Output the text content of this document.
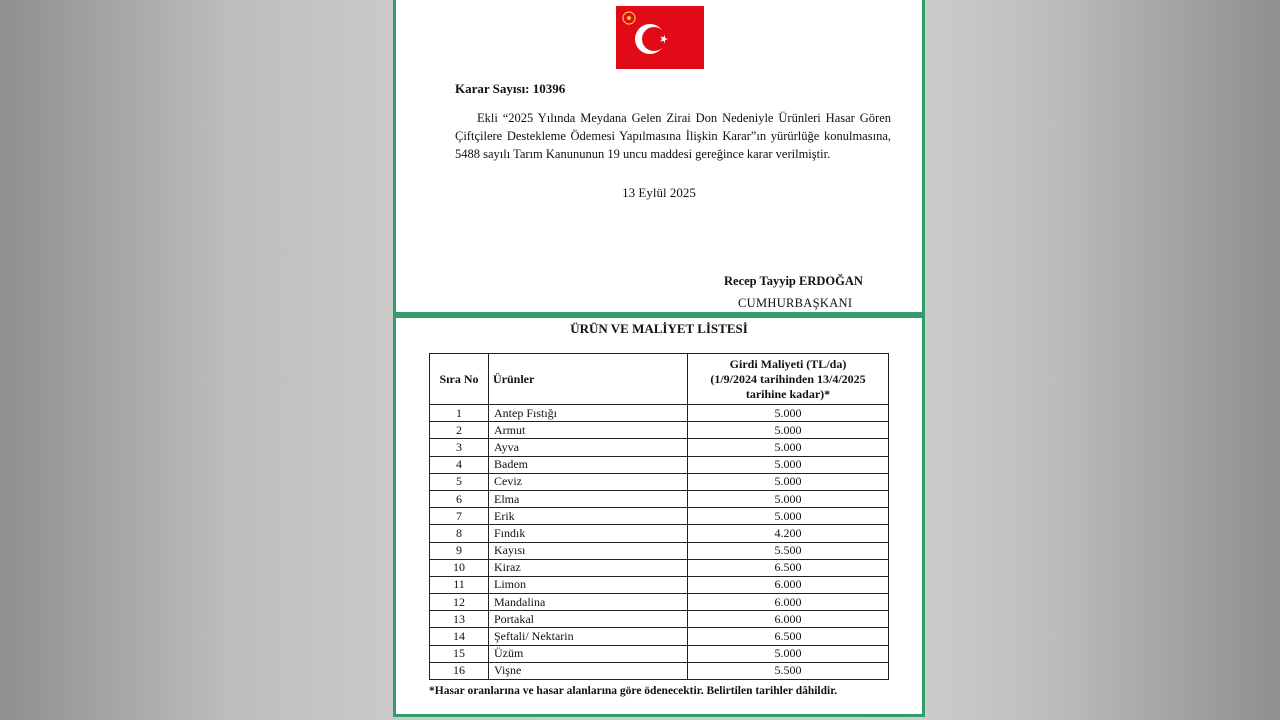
Karar Sayısı: 10396

Ekli “2025 Yılında Meydana Gelen Zirai Don Nedeniyle Ürünleri Hasar Gören Çiftçilere Destekleme Ödemesi Yapılmasına İlişkin Karar”ın yürürlüğe konulmasına, 5488 sayılı Tarım Kanununun 19 uncu maddesi gereğince karar verilmiştir.

13 Eylül 2025
Recep Tayyip ERDOĞAN
CUMHURBAŞKANI
ÜRÜN VE MALİYET LİSTESİ
Sıra No	Ürünler	Girdi Maliyeti (TL/da)
(1/9/2024 tarihinden 13/4/2025
tarihine kadar)*

1	Antep Fıstığı	5.000
2	Armut	5.000
3	Ayva	5.000
4	Badem	5.000
5	Ceviz	5.000
6	Elma	5.000
7	Erik	5.000
8	Fındık	4.200
9	Kayısı	5.500
10	Kiraz	6.500
11	Limon	6.000
12	Mandalina	6.000
13	Portakal	6.000
14	Şeftali/ Nektarin	6.500
15	Üzüm	5.000
16	Vişne	5.500
*Hasar oranlarına ve hasar alanlarına göre ödenecektir. Belirtilen tarihler dâhildir.
